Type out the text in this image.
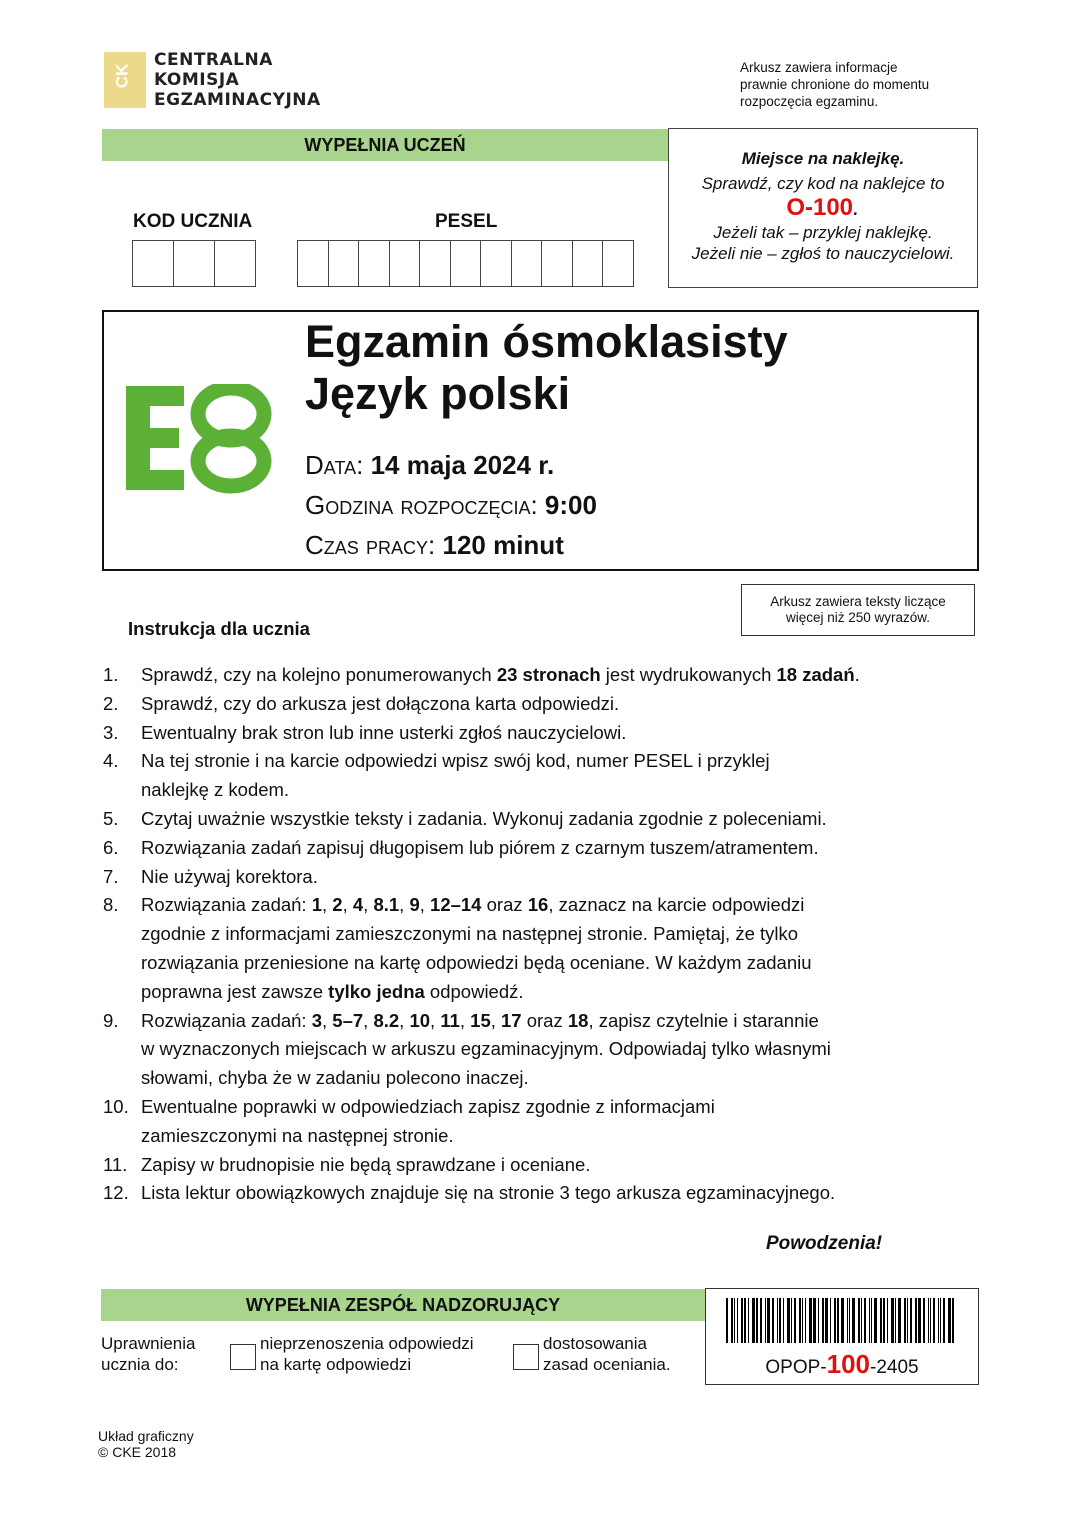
CK
CENTRALNA
KOMISJA
EGZAMINACYJNA
Arkusz zawiera informacje
prawnie chronione do momentu
rozpoczęcia egzaminu.
WYPEŁNIA UCZEŃ
KOD UCZNIA	PESEL
Miejsce na naklejkę.
Sprawdź, czy kod na naklejce to
O-100.
Jeżeli tak – przyklej naklejkę.
Jeżeli nie – zgłoś to nauczycielowi.
Egzamin ósmoklasisty
Język polski
Data: 14 maja 2024 r.
Godzina rozpoczęcia: 9:00
Czas pracy: 120 minut
Arkusz zawiera teksty liczące
więcej niż 250 wyrazów.
Instrukcja dla ucznia
1.	Sprawdź, czy na kolejno ponumerowanych 23 stronach jest wydrukowanych 18 zadań.
2.	Sprawdź, czy do arkusza jest dołączona karta odpowiedzi.
3.	Ewentualny brak stron lub inne usterki zgłoś nauczycielowi.
4.	Na tej stronie i na karcie odpowiedzi wpisz swój kod, numer PESEL i przyklej
naklejkę z kodem.
5.	Czytaj uważnie wszystkie teksty i zadania. Wykonuj zadania zgodnie z poleceniami.
6.	Rozwiązania zadań zapisuj długopisem lub piórem z czarnym tuszem/atramentem.
7.	Nie używaj korektora.
8.	Rozwiązania zadań: 1, 2, 4, 8.1, 9, 12–14 oraz 16, zaznacz na karcie odpowiedzi
zgodnie z informacjami zamieszczonymi na następnej stronie. Pamiętaj, że tylko
rozwiązania przeniesione na kartę odpowiedzi będą oceniane. W każdym zadaniu
poprawna jest zawsze tylko jedna odpowiedź.
9.	Rozwiązania zadań: 3, 5–7, 8.2, 10, 11, 15, 17 oraz 18, zapisz czytelnie i starannie
w wyznaczonych miejscach w arkuszu egzaminacyjnym. Odpowiadaj tylko własnymi
słowami, chyba że w zadaniu polecono inaczej.
10. Ewentualne poprawki w odpowiedziach zapisz zgodnie z informacjami
zamieszczonymi na następnej stronie.
11. Zapisy w brudnopisie nie będą sprawdzane i oceniane.
12. Lista lektur obowiązkowych znajduje się na stronie 3 tego arkusza egzaminacyjnego.
Powodzenia!
WYPEŁNIA ZESPÓŁ NADZORUJĄCY
Uprawnienia
ucznia do:
nieprzenoszenia odpowiedzi
na kartę odpowiedzi
dostosowania
zasad oceniania.	OPOP-100-2405
Układ graficzny
© CKE 2018
